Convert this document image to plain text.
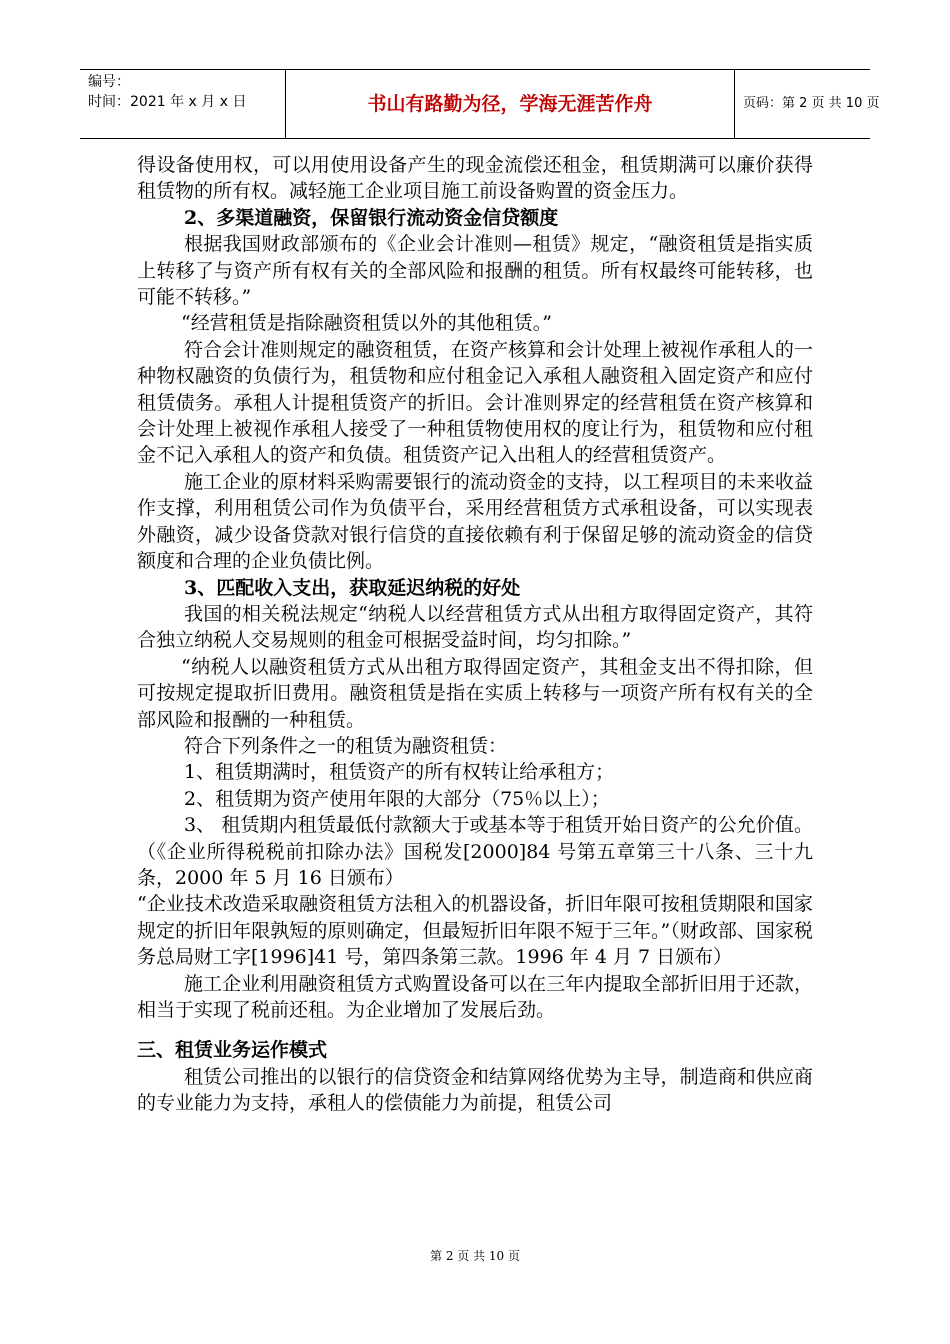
编号：
时间：2021 年 x 月 x 日	书山有路勤为径，学海无涯苦作舟	页码：第 2 页 共 10 页

得设备使用权，可以用使用设备产生的现金流偿还租金，租赁期满可以廉价获得租赁物的所有权。减轻施工企业项目施工前设备购置的资金压力。

2、多渠道融资，保留银行流动资金信贷额度

根据我国财政部颁布的《企业会计准则—租赁》规定，“融资租赁是指实质上转移了与资产所有权有关的全部风险和报酬的租赁。所有权最终可能转移，也可能不转移。”

“经营租赁是指除融资租赁以外的其他租赁。”

符合会计准则规定的融资租赁，在资产核算和会计处理上被视作承租人的一种物权融资的负债行为，租赁物和应付租金记入承租人融资租入固定资产和应付租赁债务。承租人计提租赁资产的折旧。会计准则界定的经营租赁在资产核算和会计处理上被视作承租人接受了一种租赁物使用权的度让行为，租赁物和应付租金不记入承租人的资产和负债。租赁资产记入出租人的经营租赁资产。

施工企业的原材料采购需要银行的流动资金的支持，以工程项目的未来收益作支撑，利用租赁公司作为负债平台，采用经营租赁方式承租设备，可以实现表外融资，减少设备贷款对银行信贷的直接依赖有利于保留足够的流动资金的信贷额度和合理的企业负债比例。

3、匹配收入支出，获取延迟纳税的好处

我国的相关税法规定“纳税人以经营租赁方式从出租方取得固定资产，其符合独立纳税人交易规则的租金可根据受益时间，均匀扣除。”

“纳税人以融资租赁方式从出租方取得固定资产，其租金支出不得扣除，但可按规定提取折旧费用。融资租赁是指在实质上转移与一项资产所有权有关的全部风险和报酬的一种租赁。

符合下列条件之一的租赁为融资租赁：

1、租赁期满时，租赁资产的所有权转让给承租方；

2、租赁期为资产使用年限的大部分（75％以上）；

3、 租赁期内租赁最低付款额大于或基本等于租赁开始日资产的公允价值。（《企业所得税税前扣除办法》国税发[2000]84 号第五章第三十八条、三十九条，2000 年 5 月 16 日颁布）

“企业技术改造采取融资租赁方法租入的机器设备，折旧年限可按租赁期限和国家规定的折旧年限孰短的原则确定，但最短折旧年限不短于三年。”（财政部、国家税务总局财工字[1996]41 号，第四条第三款。1996 年 4 月 7 日颁布）

施工企业利用融资租赁方式购置设备可以在三年内提取全部折旧用于还款，相当于实现了税前还租。为企业增加了发展后劲。

三、租赁业务运作模式

租赁公司推出的以银行的信贷资金和结算网络优势为主导，制造商和供应商的专业能力为支持，承租人的偿债能力为前提，租赁公司

第 2 页 共 10 页
